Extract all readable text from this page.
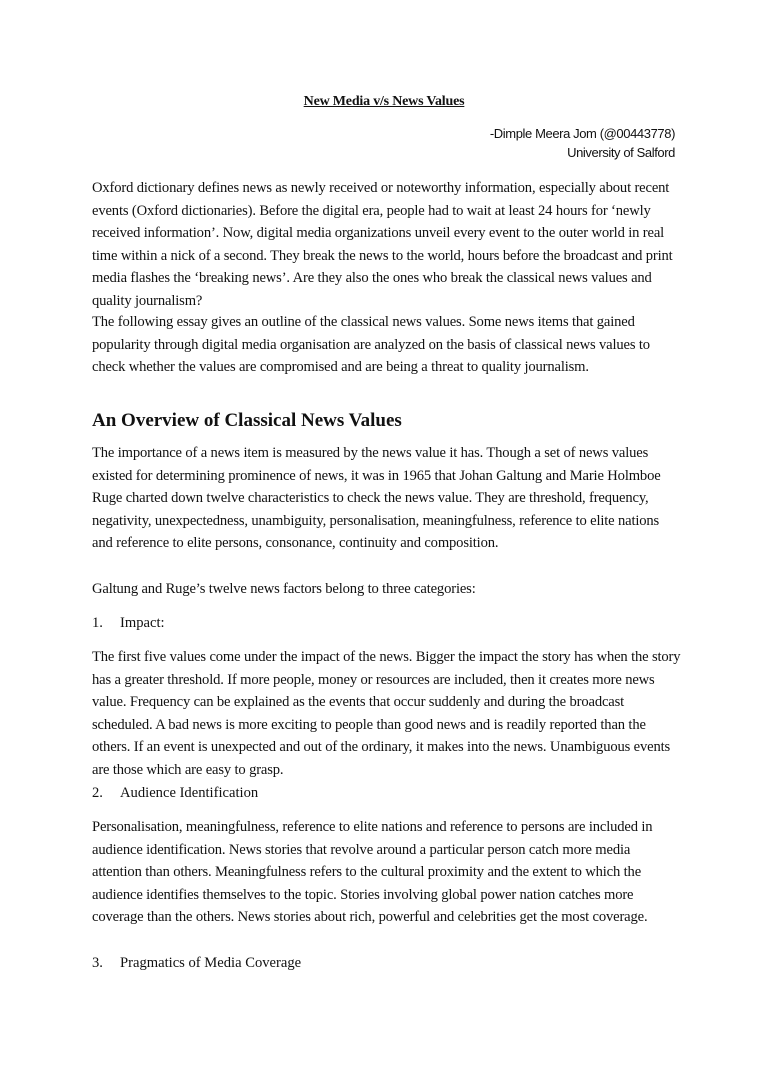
New Media v/s News Values
-Dimple Meera Jom (@00443778)
University of Salford

Oxford dictionary defines news as newly received or noteworthy information, especially about recent events (Oxford dictionaries). Before the digital era, people had to wait at least 24 hours for ‘newly received information’. Now, digital media organizations unveil every event to the outer world in real time within a nick of a second. They break the news to the world, hours before the broadcast and print media flashes the ‘breaking news’. Are they also the ones who break the classical news values and quality journalism?

The following essay gives an outline of the classical news values. Some news items that gained popularity through digital media organisation are analyzed on the basis of classical news values to check whether the values are compromised and are being a threat to quality journalism.

An Overview of Classical News Values

The importance of a news item is measured by the news value it has. Though a set of news values existed for determining prominence of news, it was in 1965 that Johan Galtung and Marie Holmboe Ruge charted down twelve characteristics to check the news value. They are threshold, frequency, negativity, unexpectedness, unambiguity, personalisation, meaningfulness, reference to elite nations and reference to elite persons, consonance, continuity and composition.

Galtung and Ruge’s twelve news factors belong to three categories:

1. Impact:

The first five values come under the impact of the news. Bigger the impact the story has when the story has a greater threshold. If more people, money or resources are included, then it creates more news value. Frequency can be explained as the events that occur suddenly and during the broadcast scheduled. A bad news is more exciting to people than good news and is readily reported than the others. If an event is unexpected and out of the ordinary, it makes into the news. Unambiguous events are those which are easy to grasp.

2. Audience Identification

Personalisation, meaningfulness, reference to elite nations and reference to persons are included in audience identification. News stories that revolve around a particular person catch more media attention than others. Meaningfulness refers to the cultural proximity and the extent to which the audience identifies themselves to the topic. Stories involving global power nation catches more coverage than the others. News stories about rich, powerful and celebrities get the most coverage.

3. Pragmatics of Media Coverage
